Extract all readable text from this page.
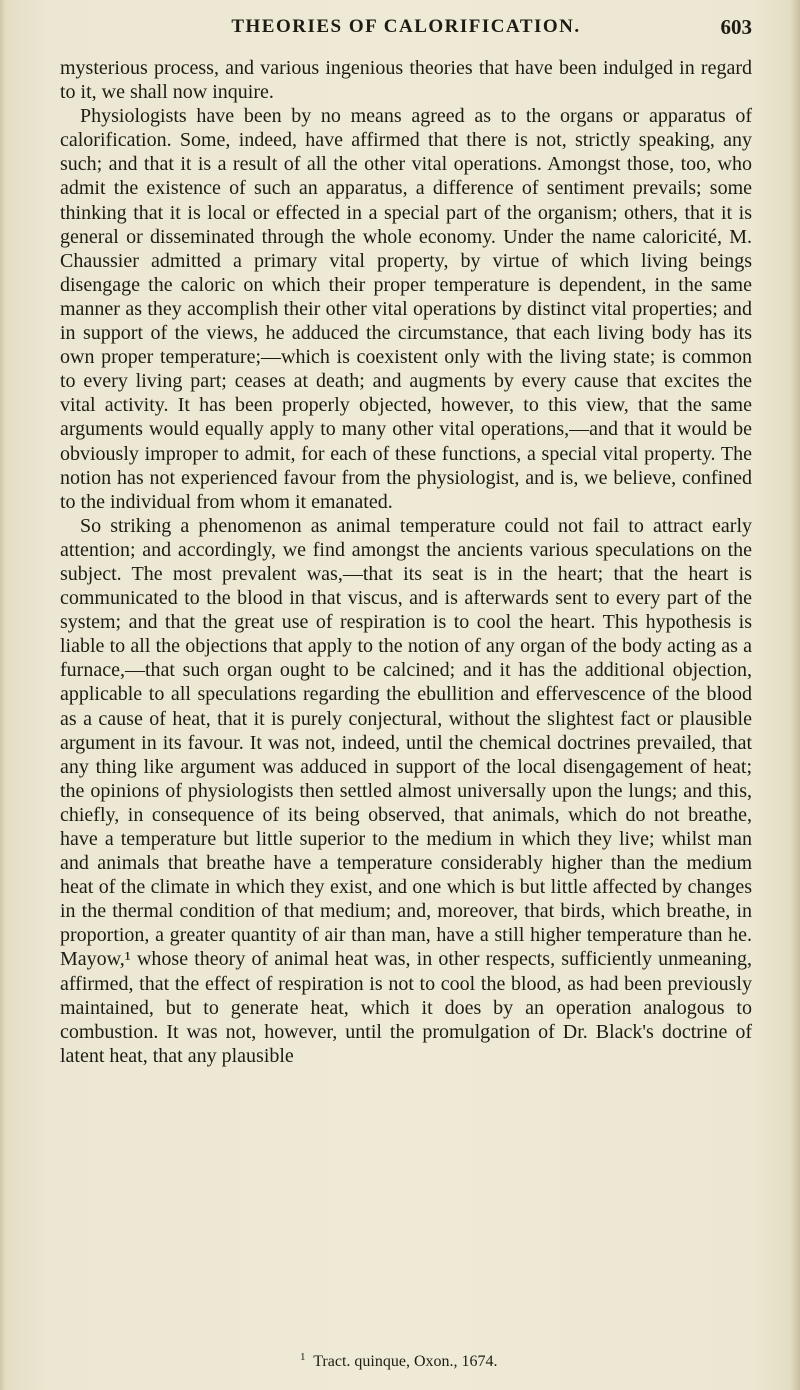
THEORIES OF CALORIFICATION.	603

mysterious process, and various ingenious theories that have been indulged in regard to it, we shall now inquire.

Physiologists have been by no means agreed as to the organs or apparatus of calorification. Some, indeed, have affirmed that there is not, strictly speaking, any such; and that it is a result of all the other vital operations. Amongst those, too, who admit the existence of such an apparatus, a difference of sentiment prevails; some thinking that it is local or effected in a special part of the organism; others, that it is general or disseminated through the whole economy. Under the name caloricité, M. Chaussier admitted a primary vital property, by virtue of which living beings disengage the caloric on which their proper temperature is dependent, in the same manner as they accomplish their other vital operations by distinct vital properties; and in support of the views, he adduced the circumstance, that each living body has its own proper temperature;—which is coexistent only with the living state; is common to every living part; ceases at death; and augments by every cause that excites the vital activity. It has been properly objected, however, to this view, that the same arguments would equally apply to many other vital operations,—and that it would be obviously improper to admit, for each of these functions, a special vital property. The notion has not experienced favour from the physiologist, and is, we believe, confined to the individual from whom it emanated.

So striking a phenomenon as animal temperature could not fail to attract early attention; and accordingly, we find amongst the ancients various speculations on the subject. The most prevalent was,—that its seat is in the heart; that the heart is communicated to the blood in that viscus, and is afterwards sent to every part of the system; and that the great use of respiration is to cool the heart. This hypothesis is liable to all the objections that apply to the notion of any organ of the body acting as a furnace,—that such organ ought to be calcined; and it has the additional objection, applicable to all speculations regarding the ebullition and effervescence of the blood as a cause of heat, that it is purely conjectural, without the slightest fact or plausible argument in its favour. It was not, indeed, until the chemical doctrines prevailed, that any thing like argument was adduced in support of the local disengagement of heat; the opinions of physiologists then settled almost universally upon the lungs; and this, chiefly, in consequence of its being observed, that animals, which do not breathe, have a temperature but little superior to the medium in which they live; whilst man and animals that breathe have a temperature considerably higher than the medium heat of the climate in which they exist, and one which is but little affected by changes in the thermal condition of that medium; and, moreover, that birds, which breathe, in proportion, a greater quantity of air than man, have a still higher temperature than he. Mayow,¹ whose theory of animal heat was, in other respects, sufficiently unmeaning, affirmed, that the effect of respiration is not to cool the blood, as had been previously maintained, but to generate heat, which it does by an operation analogous to combustion. It was not, however, until the promulgation of Dr. Black's doctrine of latent heat, that any plausible

$^1$ Tract. quinque, Oxon., 1674.
